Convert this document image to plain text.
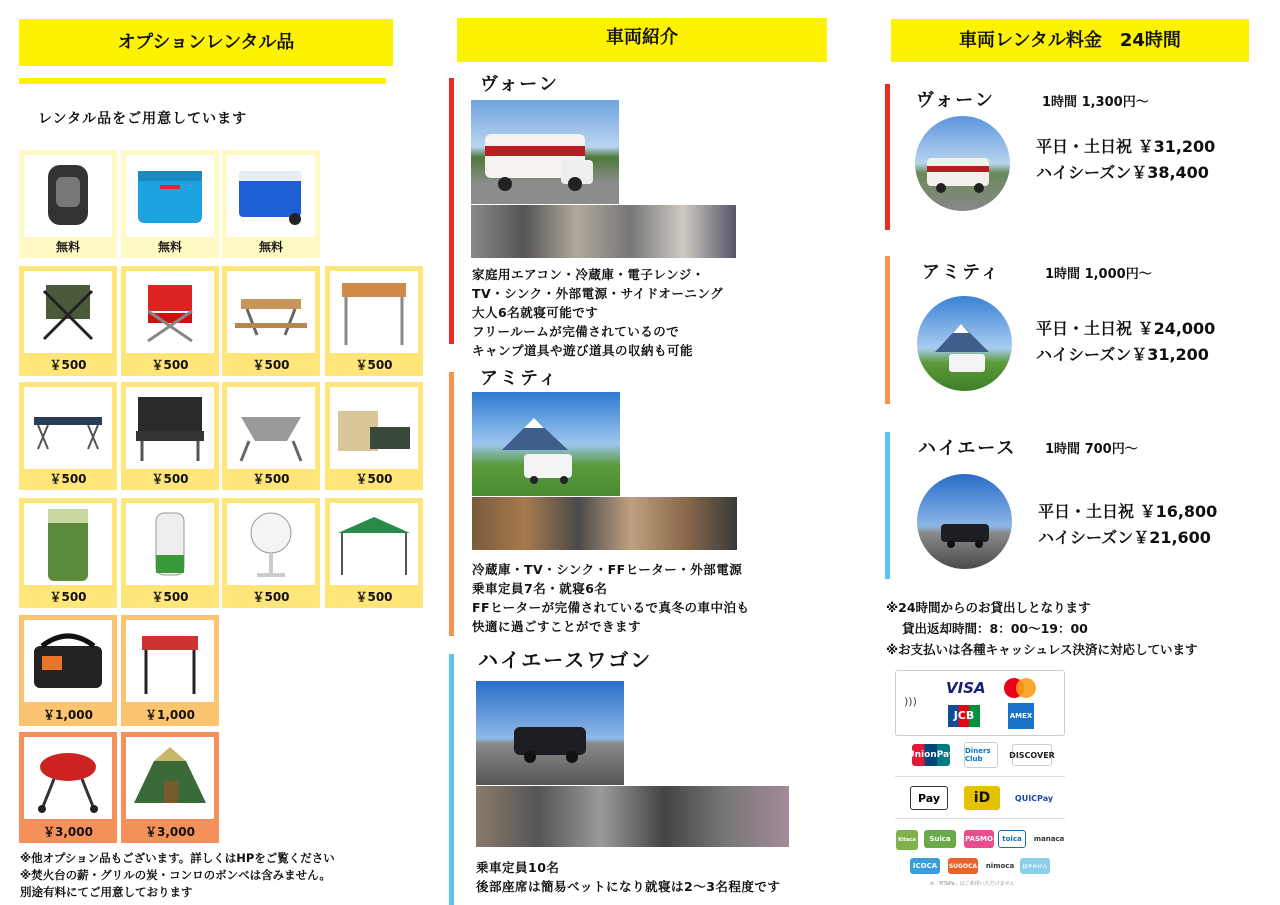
オプションレンタル品
レンタル品をご用意しています
無料	無料	無料
￥500	￥500	￥500	￥500
￥500	￥500	￥500	￥500
￥500	￥500	￥500	￥500
￥1,000	￥1,000
￥3,000	￥3,000
※他オプション品もございます。詳しくはHPをご覧ください
※焚火台の薪・グリルの炭・コンロのボンベは含みません。
別途有料にてご用意しております
車両紹介
ヴォーン
家庭用エアコン・冷蔵庫・電子レンジ・
TV・シンク・外部電源・サイドオーニング
大人6名就寝可能です
フリールームが完備されているので
キャンプ道具や遊び道具の収納も可能
アミティ
冷蔵庫・TV・シンク・FFヒーター・外部電源
乗車定員7名・就寝6名
FFヒーターが完備されているで真冬の車中泊も
快適に過ごすことができます
ハイエースワゴン
乗車定員10名
後部座席は簡易ベットになり就寝は2～3名程度です
車両レンタル料金　24時間
ヴォーン	1時間 1,300円～
平日・土日祝 ￥31,200
ハイシーズン￥38,400
アミティ	1時間 1,000円～
平日・土日祝 ￥24,000
ハイシーズン￥31,200
ハイエース 1時間 700円～
平日・土日祝 ￥16,800
ハイシーズン￥21,600
※24時間からのお貸出しとなります
貸出返却時間：8：00～19：00
※お支払いは各種キャッシュレス決済に対応しています
)))
VISA
JCB	AMEX
UnionPay Diners Club	DISCOVER
Pay	iD	QUICPay
Kitaca	Suica	PASMO	toica	manaca
ICOCA	SUGOCA nimoca	はやかけん
※「PiTaPa」はご利用いただけません
